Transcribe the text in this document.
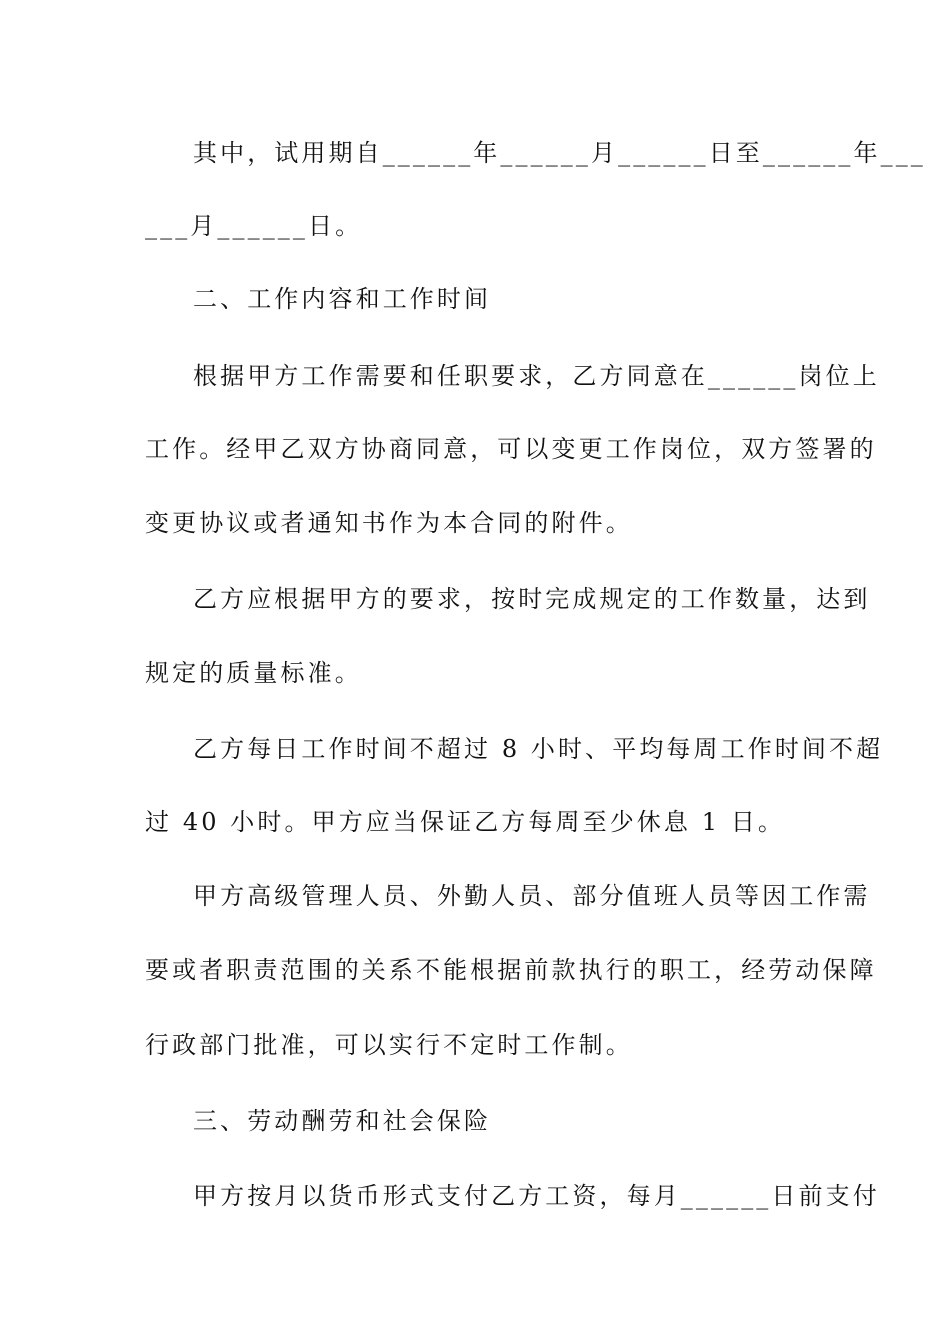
其中，试用期自______年______月______日至______年___
___月______日。
二、工作内容和工作时间
根据甲方工作需要和任职要求，乙方同意在______岗位上
工作。经甲乙双方协商同意，可以变更工作岗位，双方签署的
变更协议或者通知书作为本合同的附件。
乙方应根据甲方的要求，按时完成规定的工作数量，达到
规定的质量标准。
乙方每日工作时间不超过 8 小时、平均每周工作时间不超
过 40 小时。甲方应当保证乙方每周至少休息 1 日。
甲方高级管理人员、外勤人员、部分值班人员等因工作需
要或者职责范围的关系不能根据前款执行的职工，经劳动保障
行政部门批准，可以实行不定时工作制。
三、劳动酬劳和社会保险
甲方按月以货币形式支付乙方工资，每月______日前支付
